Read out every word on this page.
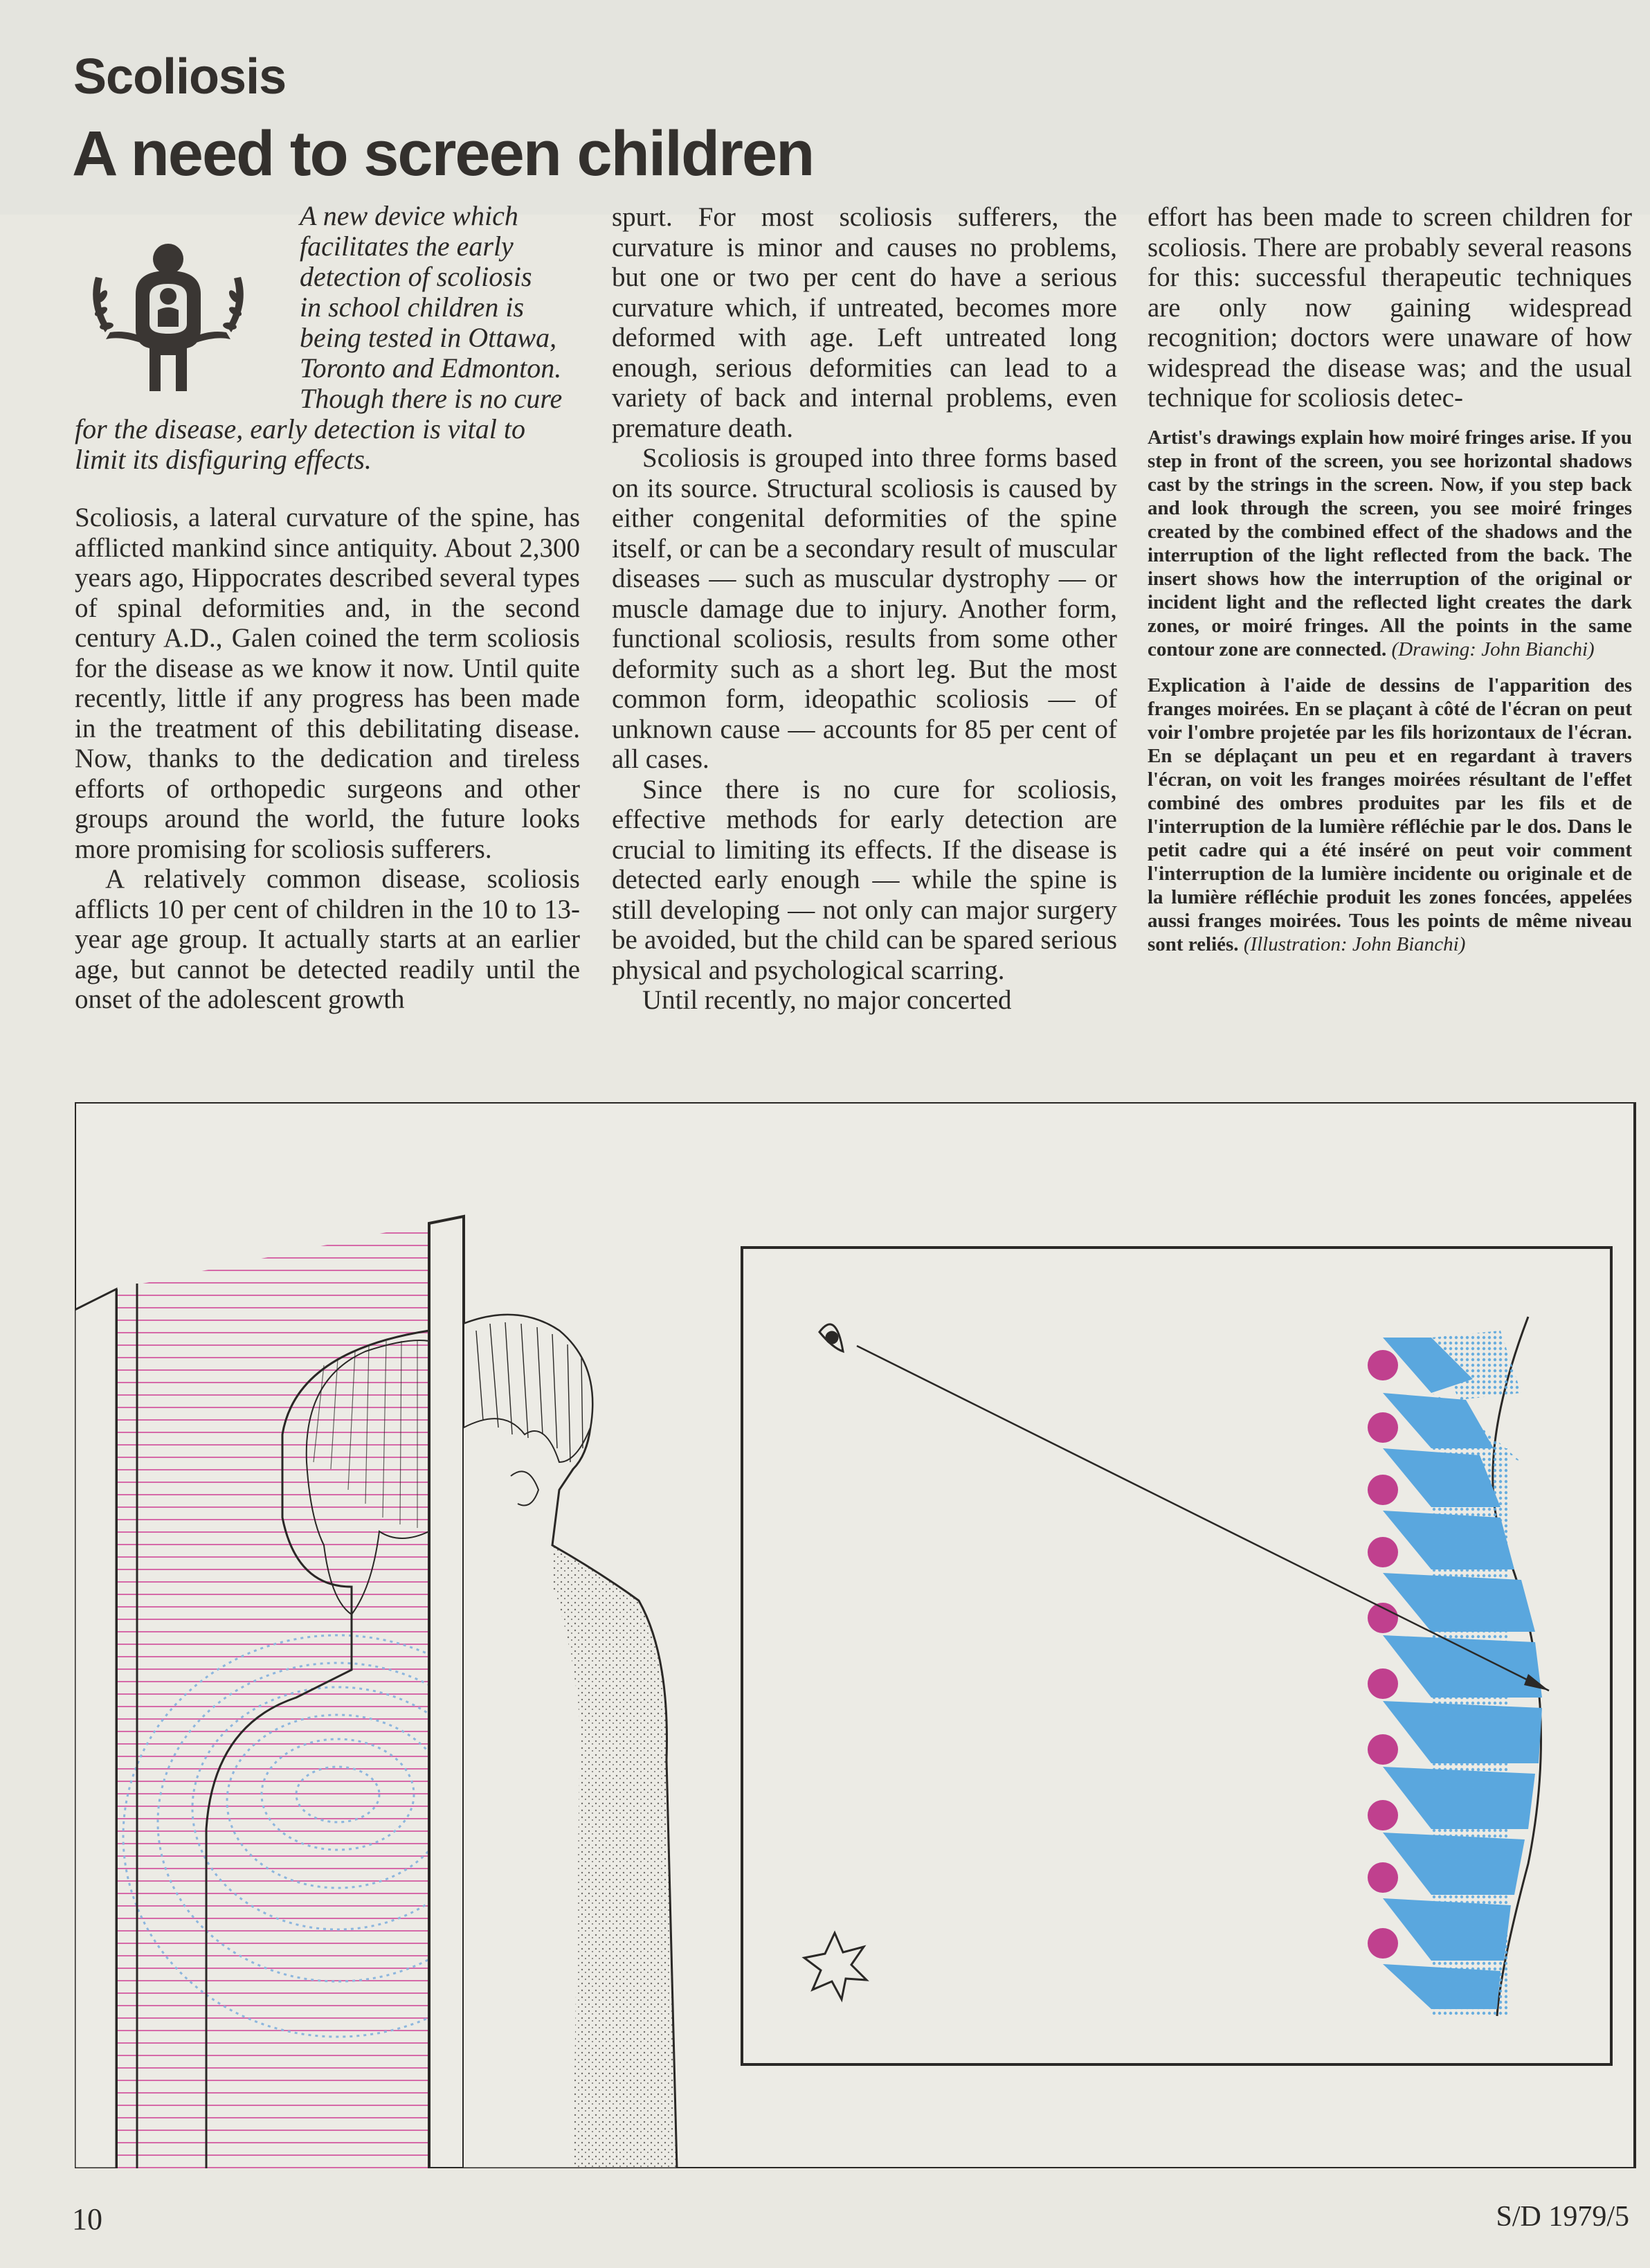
Scoliosis
A need to screen children
A new device which
facilitates the early
detection of scoliosis
in school children is
being tested in Ottawa,
Toronto and Edmonton.
Though there is no cure
for the disease, early detection is vital to limit its disfiguring effects.

Scoliosis, a lateral curvature of the spine, has afflicted mankind since antiquity. About 2,300 years ago, Hippocrates described several types of spinal deformities and, in the second century A.D., Galen coined the term scoliosis for the disease as we know it now. Until quite recently, little if any progress has been made in the treatment of this debilitating disease. Now, thanks to the dedication and tireless efforts of orthopedic surgeons and other groups around the world, the future looks more promising for scoliosis sufferers.

A relatively common disease, scoliosis afflicts 10 per cent of children in the 10 to 13-year age group. It actually starts at an earlier age, but cannot be detected readily until the onset of the adolescent growth

spurt. For most scoliosis sufferers, the curvature is minor and causes no problems, but one or two per cent do have a serious curvature which, if untreated, becomes more deformed with age. Left untreated long enough, serious deformities can lead to a variety of back and internal problems, even premature death.

Scoliosis is grouped into three forms based on its source. Structural scoliosis is caused by either congenital deformities of the spine itself, or can be a secondary result of muscular diseases — such as muscular dystrophy — or muscle damage due to injury. Another form, functional scoliosis, results from some other deformity such as a short leg. But the most common form, ideopathic scoliosis — of unknown cause — accounts for 85 per cent of all cases.

Since there is no cure for scoliosis, effective methods for early detection are crucial to limiting its effects. If the disease is detected early enough — while the spine is still developing — not only can major surgery be avoided, but the child can be spared serious physical and psychological scarring.

Until recently, no major concerted

effort has been made to screen children for scoliosis. There are probably several reasons for this: successful therapeutic techniques are only now gaining widespread recognition; doctors were unaware of how widespread the disease was; and the usual technique for scoliosis detec-

Artist's drawings explain how moiré fringes arise. If you step in front of the screen, you see horizontal shadows cast by the strings in the screen. Now, if you step back and look through the screen, you see moiré fringes created by the combined effect of the shadows and the interruption of the light reflected from the back. The insert shows how the interruption of the original or incident light and the reflected light creates the dark zones, or moiré fringes. All the points in the same contour zone are connected. (Drawing: John Bianchi)

Explication à l'aide de dessins de l'apparition des franges moirées. En se plaçant à côté de l'écran on peut voir l'ombre projetée par les fils horizontaux de l'écran. En se déplaçant un peu et en regardant à travers l'écran, on voit les franges moirées résultant de l'effet combiné des ombres produites par les fils et de l'interruption de la lumière réfléchie par le dos. Dans le petit cadre qui a été inséré on peut voir comment l'interruption de la lumière incidente ou originale et de la lumière réfléchie produit les zones foncées, appelées aussi franges moirées. Tous les points de même niveau sont reliés. (Illustration: John Bianchi)

10	S/D 1979/5
